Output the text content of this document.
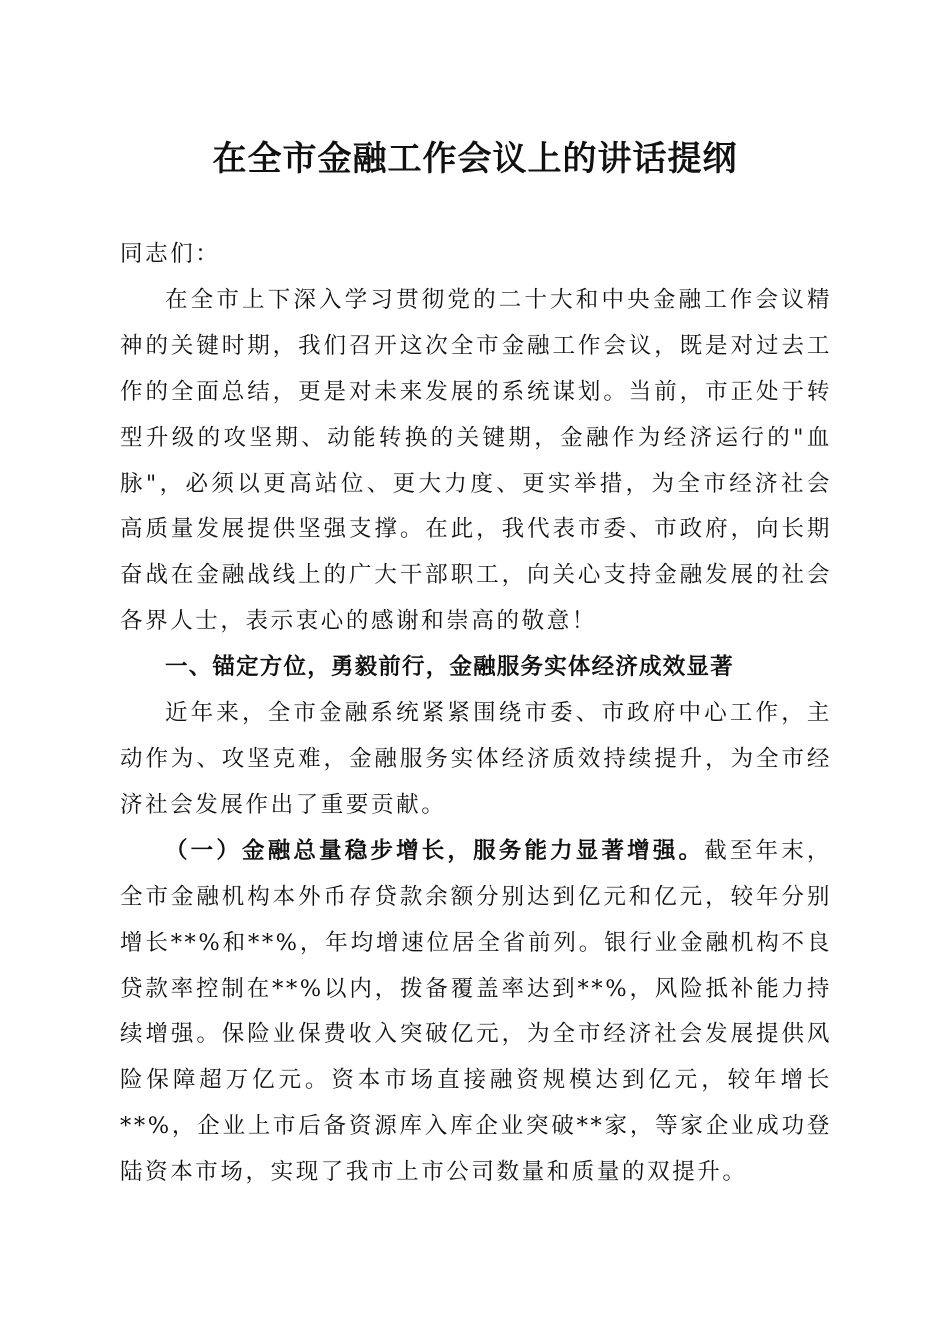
在全市金融工作会议上的讲话提纲

同志们：

在全市上下深入学习贯彻党的二十大和中央金融工作会议精神的关键时期，我们召开这次全市金融工作会议，既是对过去工作的全面总结，更是对未来发展的系统谋划。当前，市正处于转型升级的攻坚期、动能转换的关键期，金融作为经济运行的"血脉"，必须以更高站位、更大力度、更实举措，为全市经济社会高质量发展提供坚强支撑。在此，我代表市委、市政府，向长期奋战在金融战线上的广大干部职工，向关心支持金融发展的社会各界人士，表示衷心的感谢和崇高的敬意！

一、锚定方位，勇毅前行，金融服务实体经济成效显著

近年来，全市金融系统紧紧围绕市委、市政府中心工作，主动作为、攻坚克难，金融服务实体经济质效持续提升，为全市经济社会发展作出了重要贡献。

（一）金融总量稳步增长，服务能力显著增强。截至年末，全市金融机构本外币存贷款余额分别达到亿元和亿元，较年分别增长**%和**%，年均增速位居全省前列。银行业金融机构不良贷款率控制在**%以内，拨备覆盖率达到**%，风险抵补能力持续增强。保险业保费收入突破亿元，为全市经济社会发展提供风险保障超万亿元。资本市场直接融资规模达到亿元，较年增长**%，企业上市后备资源库入库企业突破**家，等家企业成功登陆资本市场，实现了我市上市公司数量和质量的双提升。
